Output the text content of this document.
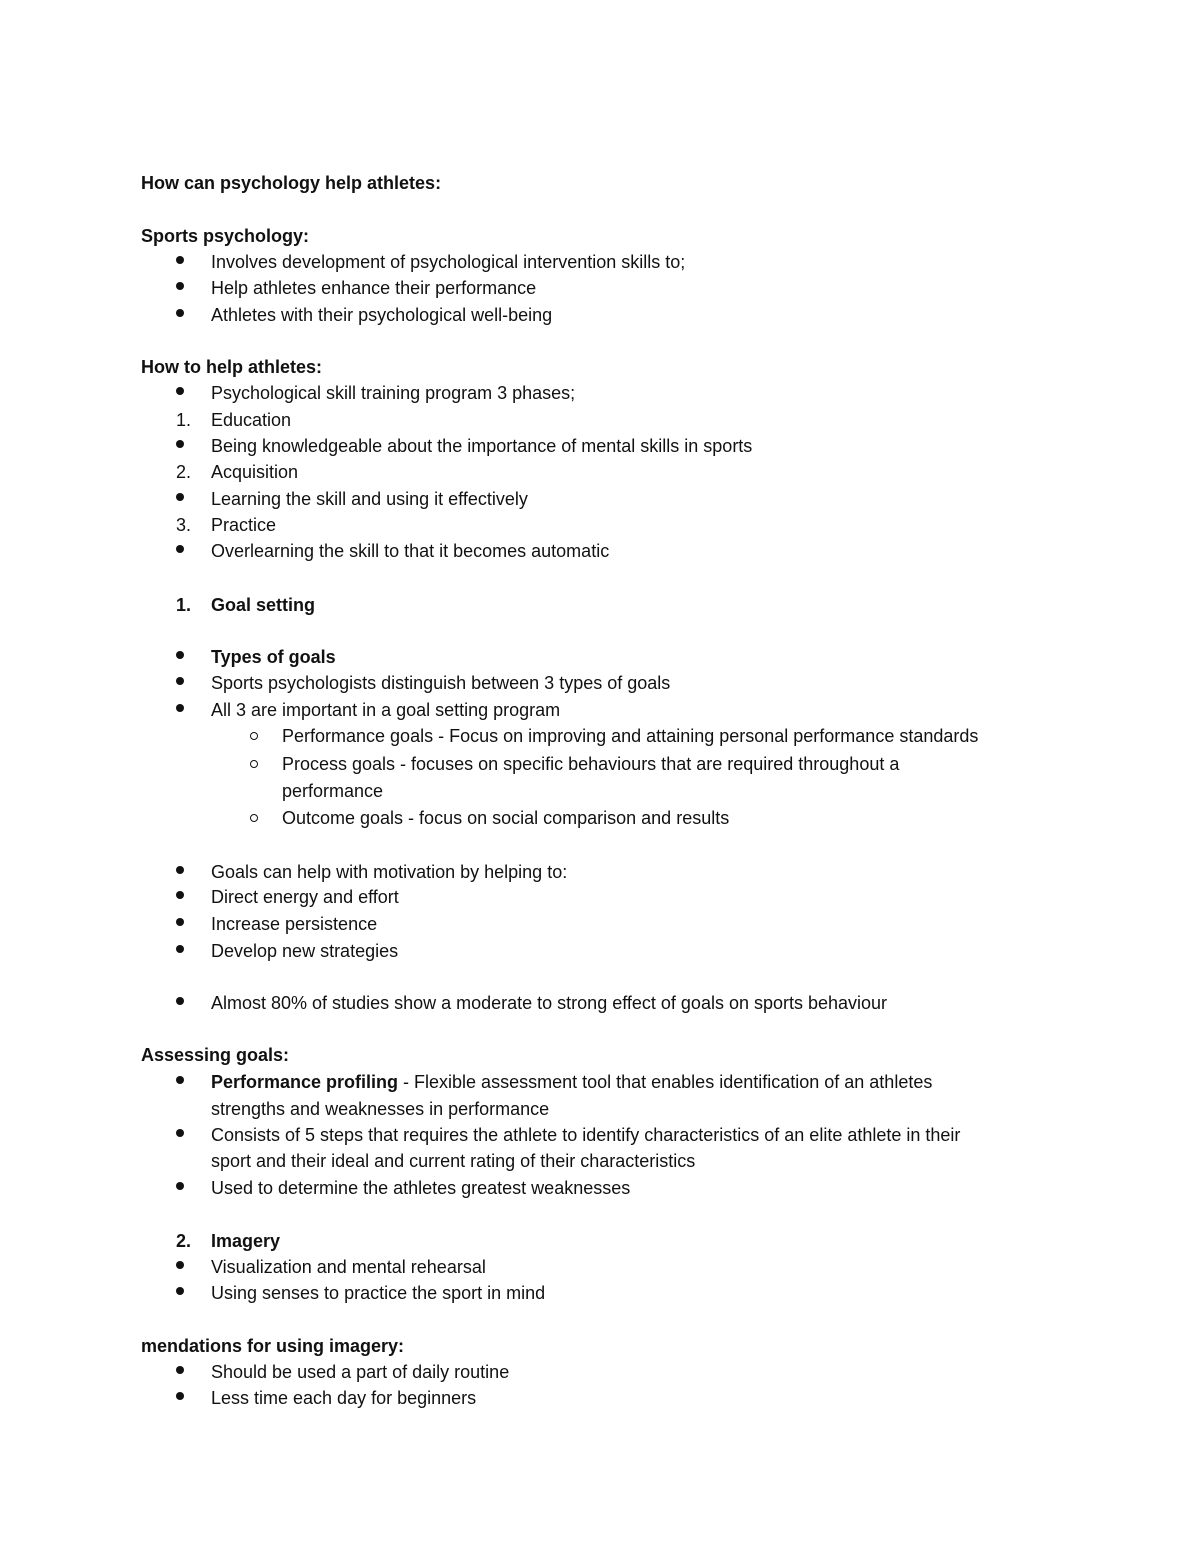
How can psychology help athletes:
Sports psychology:
Involves development of psychological intervention skills to;
Help athletes enhance their performance
Athletes with their psychological well-being
How to help athletes:
Psychological skill training program 3 phases;
1. Education
Being knowledgeable about the importance of mental skills in sports
2. Acquisition
Learning the skill and using it effectively
3. Practice
Overlearning the skill to that it becomes automatic
1. Goal setting
Types of goals
Sports psychologists distinguish between 3 types of goals
All 3 are important in a goal setting program
Performance goals - Focus on improving and attaining personal performance standards
Process goals - focuses on specific behaviours that are required throughout a
performance
Outcome goals - focus on social comparison and results
Goals can help with motivation by helping to:
Direct energy and effort
Increase persistence
Develop new strategies
Almost 80% of studies show a moderate to strong effect of goals on sports behaviour
Assessing goals:
Performance profiling - Flexible assessment tool that enables identification of an athletes
strengths and weaknesses in performance
Consists of 5 steps that requires the athlete to identify characteristics of an elite athlete in their
sport and their ideal and current rating of their characteristics
Used to determine the athletes greatest weaknesses
2. Imagery
Visualization and mental rehearsal
Using senses to practice the sport in mind
mendations for using imagery:
Should be used a part of daily routine
Less time each day for beginners
